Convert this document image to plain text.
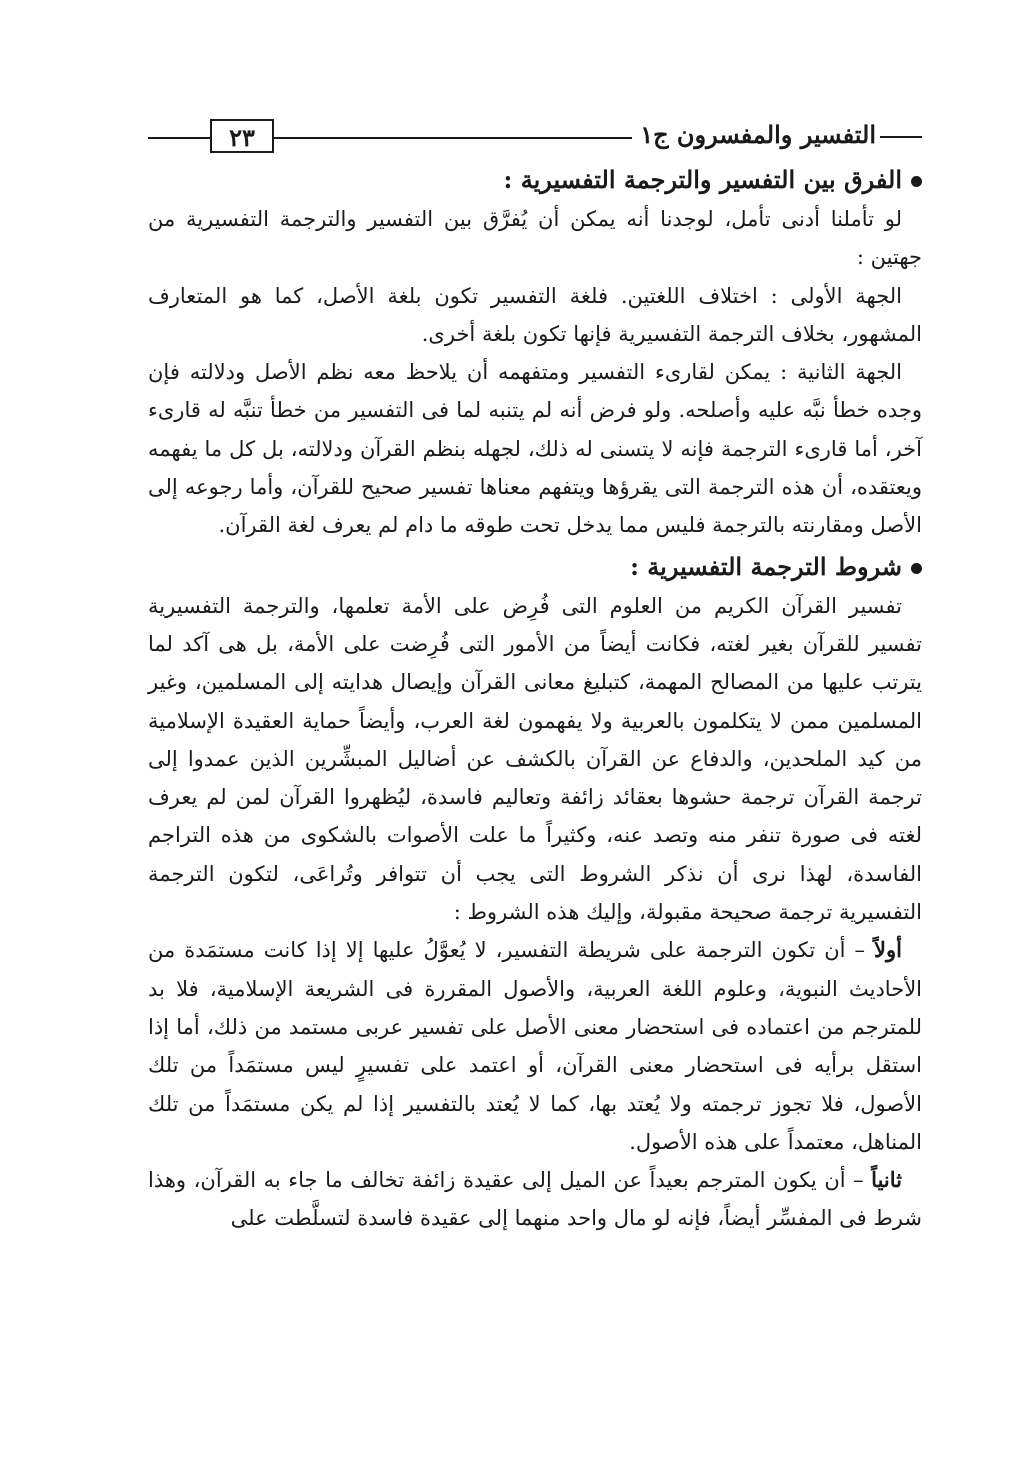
التفسير والمفسرون ج١
٢٣
الفرق بين التفسير والترجمة التفسيرية :

لو تأملنا أدنى تأمل، لوجدنا أنه يمكن أن يُفرَّق بين التفسير والترجمة التفسيرية من جهتين :

الجهة الأولى : اختلاف اللغتين. فلغة التفسير تكون بلغة الأصل، كما هو المتعارف المشهور، بخلاف الترجمة التفسيرية فإنها تكون بلغة أخرى.

الجهة الثانية : يمكن لقارىء التفسير ومتفهمه أن يلاحظ معه نظم الأصل ودلالته فإن وجده خطأ نبَّه عليه وأصلحه. ولو فرض أنه لم يتنبه لما فى التفسير من خطأ تنبَّه له قارىء آخر، أما قارىء الترجمة فإنه لا يتسنى له ذلك، لجهله بنظم القرآن ودلالته، بل كل ما يفهمه ويعتقده، أن هذه الترجمة التى يقرؤها ويتفهم معناها تفسير صحيح للقرآن، وأما رجوعه إلى الأصل ومقارنته بالترجمة فليس مما يدخل تحت طوقه ما دام لم يعرف لغة القرآن.

شروط الترجمة التفسيرية :

تفسير القرآن الكريم من العلوم التى فُرِض على الأمة تعلمها، والترجمة التفسيرية تفسير للقرآن بغير لغته، فكانت أيضاً من الأمور التى فُرِضت على الأمة، بل هى آكد لما يترتب عليها من المصالح المهمة، كتبليغ معانى القرآن وإيصال هدايته إلى المسلمين، وغير المسلمين ممن لا يتكلمون بالعربية ولا يفهمون لغة العرب، وأيضاً حماية العقيدة الإسلامية من كيد الملحدين، والدفاع عن القرآن بالكشف عن أضاليل المبشِّرين الذين عمدوا إلى ترجمة القرآن ترجمة حشوها بعقائد زائفة وتعاليم فاسدة، ليُظهروا القرآن لمن لم يعرف لغته فى صورة تنفر منه وتصد عنه، وكثيراً ما علت الأصوات بالشكوى من هذه التراجم الفاسدة، لهذا نرى أن نذكر الشروط التى يجب أن تتوافر وتُراعَى، لتكون الترجمة التفسيرية ترجمة صحيحة مقبولة، وإليك هذه الشروط :

أولاً – أن تكون الترجمة على شريطة التفسير، لا يُعوَّلُ عليها إلا إذا كانت مستمَدة من الأحاديث النبوية، وعلوم اللغة العربية، والأصول المقررة فى الشريعة الإسلامية، فلا بد للمترجم من اعتماده فى استحضار معنى الأصل على تفسير عربى مستمد من ذلك، أما إذا استقل برأيه فى استحضار معنى القرآن، أو اعتمد على تفسيرٍ ليس مستمَداً من تلك الأصول، فلا تجوز ترجمته ولا يُعتد بها، كما لا يُعتد بالتفسير إذا لم يكن مستمَداً من تلك المناهل، معتمداً على هذه الأصول.

ثانياً – أن يكون المترجم بعيداً عن الميل إلى عقيدة زائفة تخالف ما جاء به القرآن، وهذا شرط فى المفسِّر أيضاً، فإنه لو مال واحد منهما إلى عقيدة فاسدة لتسلَّطت على
